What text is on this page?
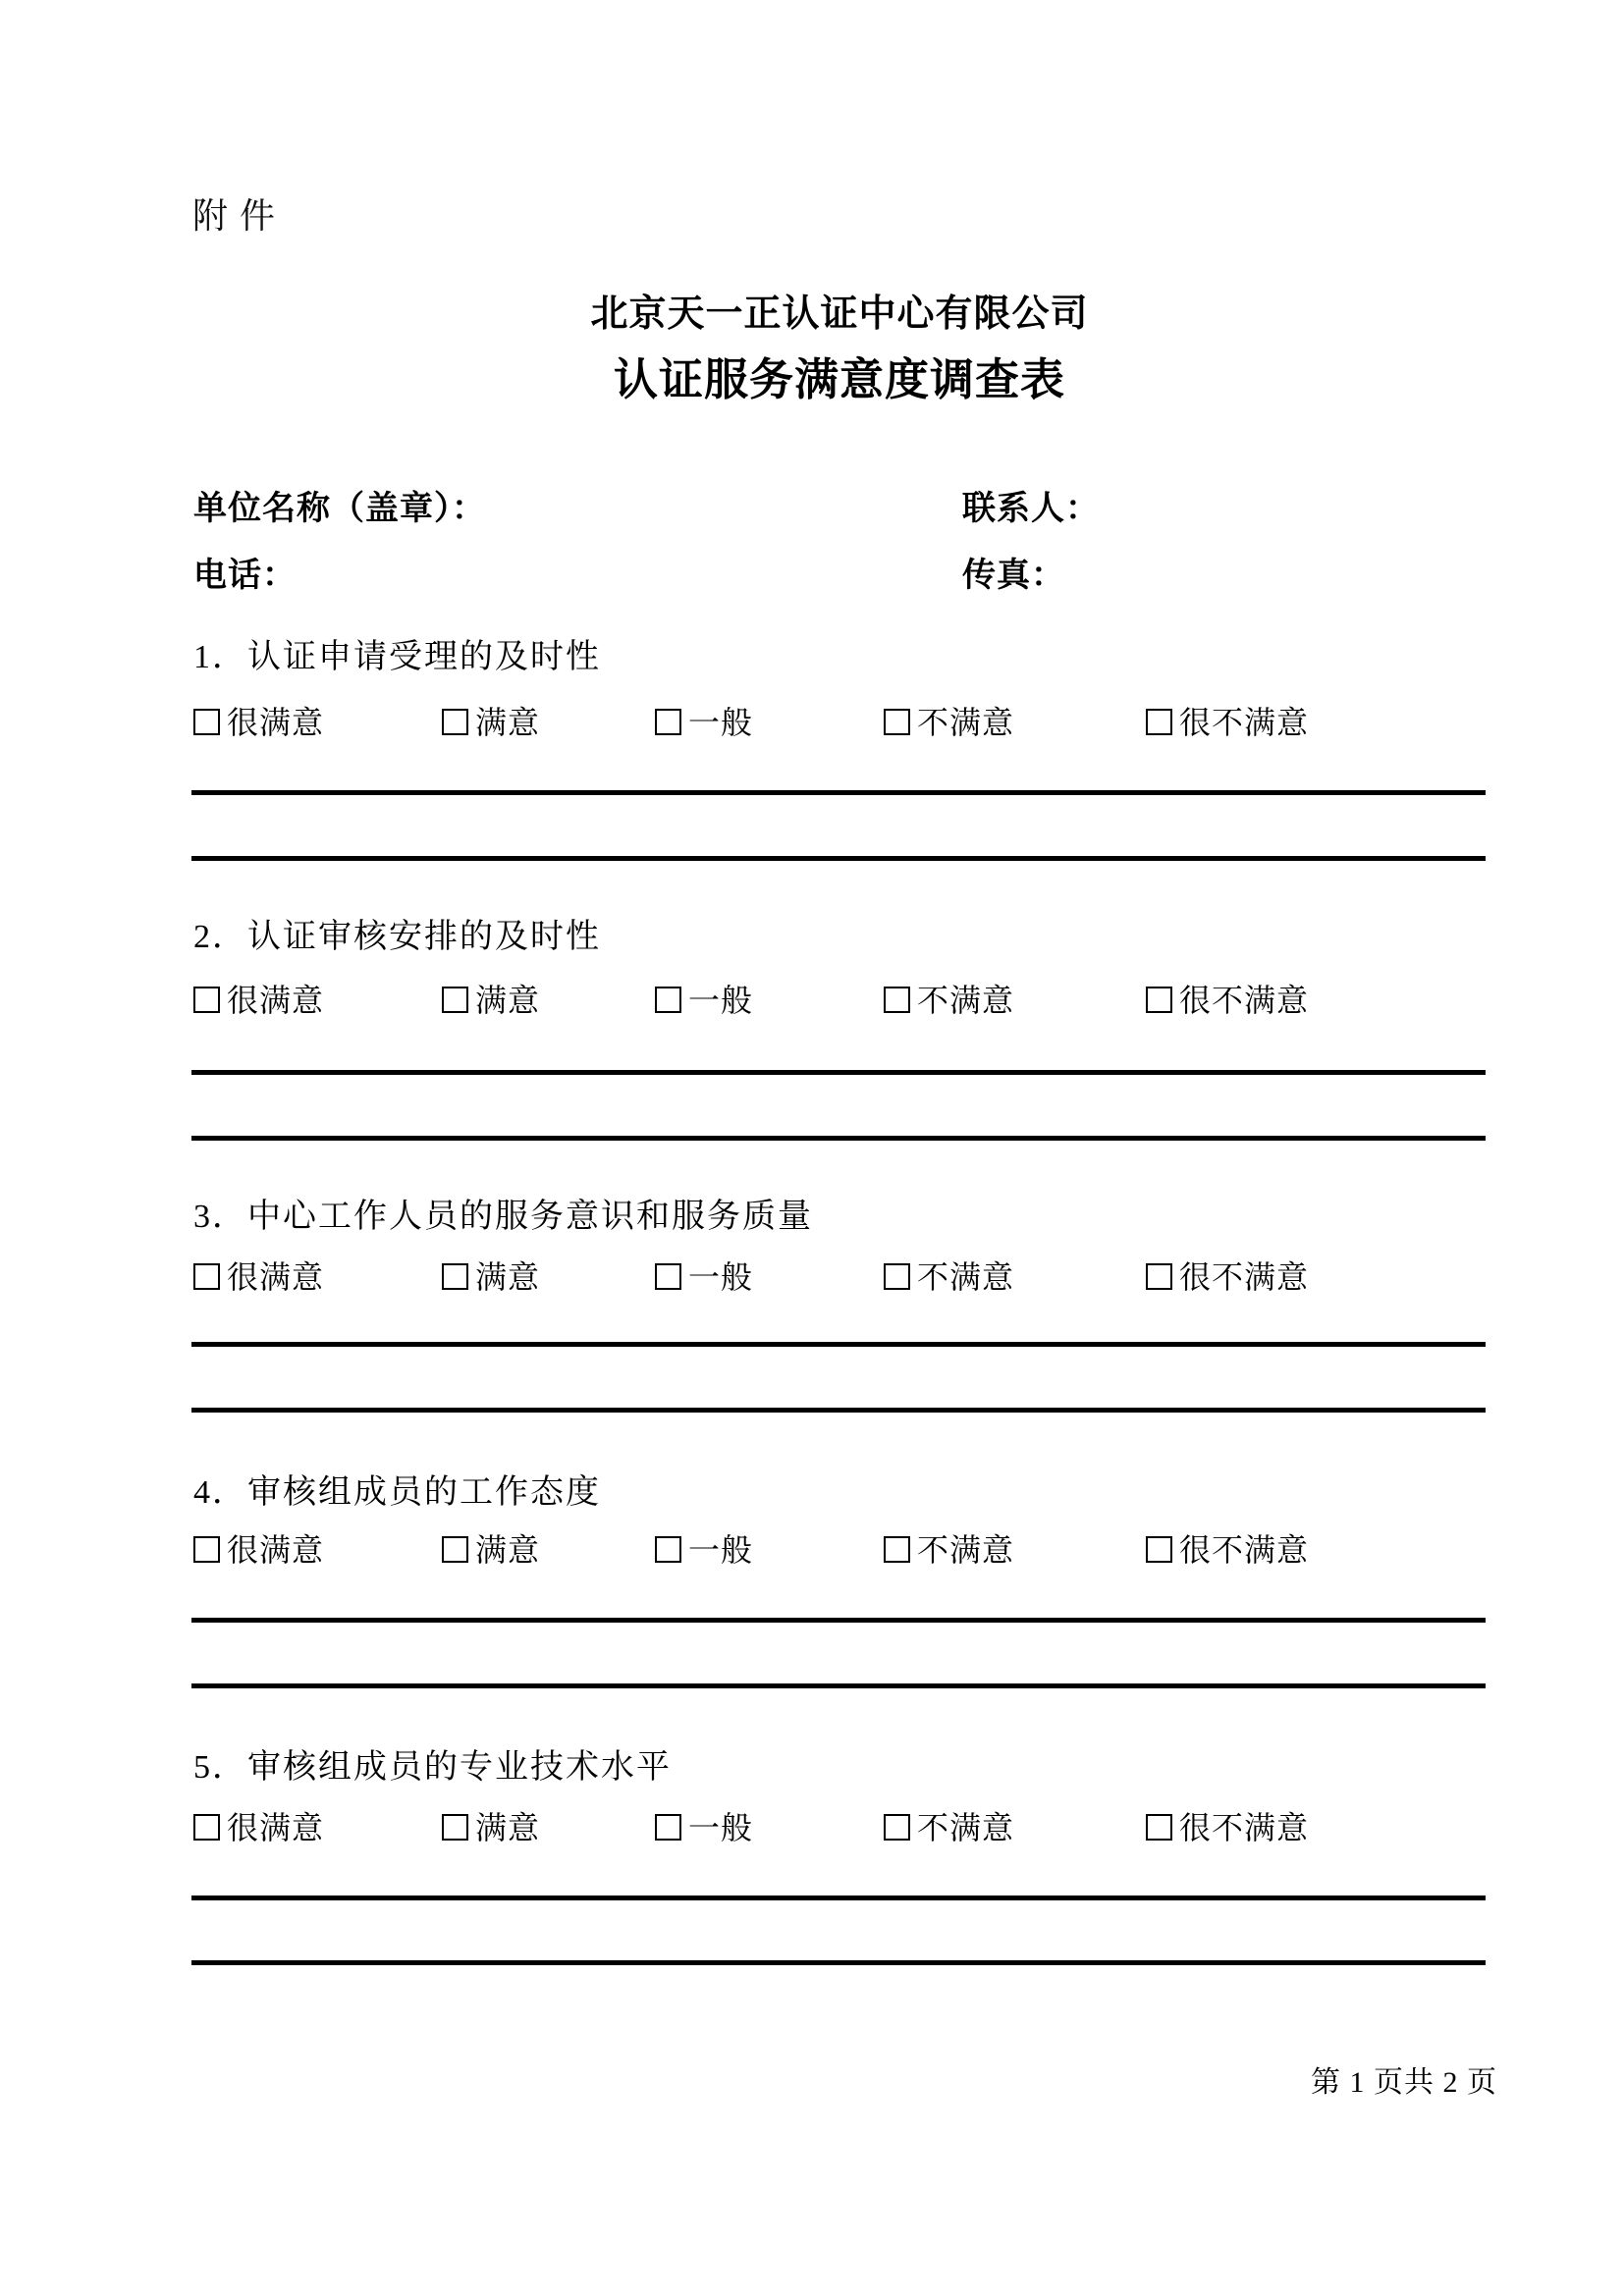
附件
北京天一正认证中心有限公司
认证服务满意度调查表
单位名称（盖章）：	联系人：
电话：	传真：
1．认证申请受理的及时性
很满意	满意	一般	不满意	很不满意
2．认证审核安排的及时性
很满意	满意	一般	不满意	很不满意
3．中心工作人员的服务意识和服务质量
很满意	满意	一般	不满意	很不满意
4．审核组成员的工作态度
很满意	满意	一般	不满意	很不满意
5．审核组成员的专业技术水平
很满意	满意	一般	不满意	很不满意
第 1 页共 2 页
